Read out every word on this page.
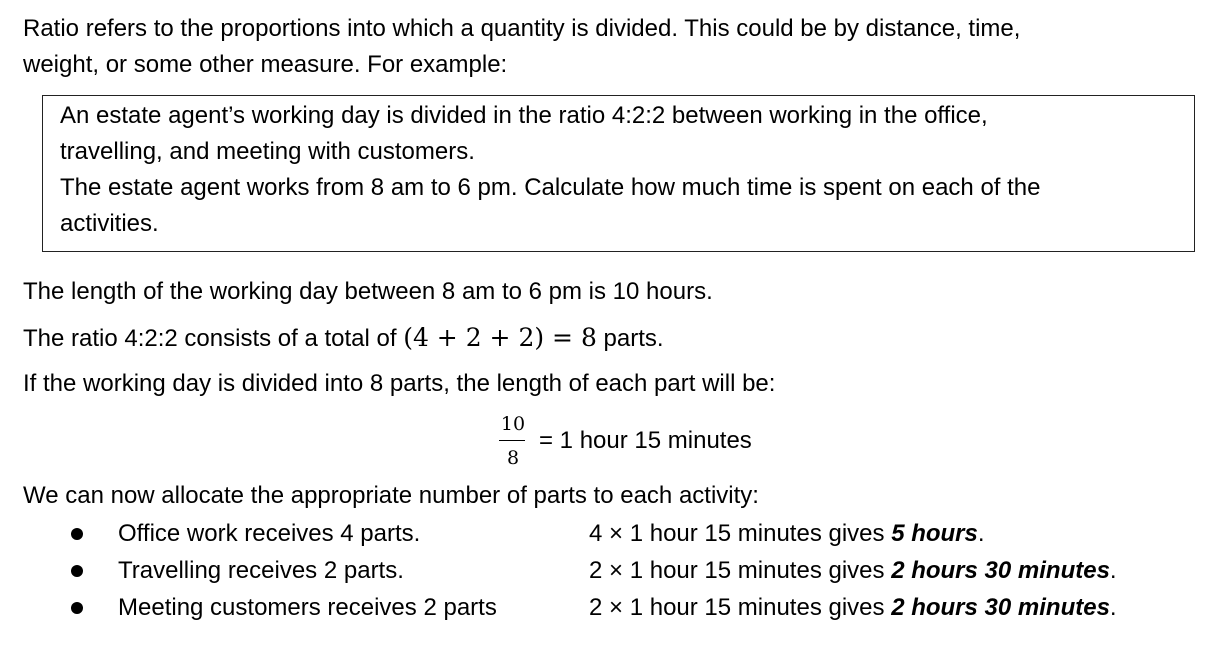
Ratio refers to the proportions into which a quantity is divided. This could be by distance, time,
weight, or some other measure. For example:
An estate agent’s working day is divided in the ratio 4:2:2 between working in the office,
travelling, and meeting with customers.
The estate agent works from 8 am to 6 pm. Calculate how much time is spent on each of the
activities.
The length of the working day between 8 am to 6 pm is 10 hours.
The ratio 4:2:2 consists of a total of (4 + 2 + 2) = 8 parts.
If the working day is divided into 8 parts, the length of each part will be:
10
8
= 1 hour 15 minutes
We can now allocate the appropriate number of parts to each activity:
Office work receives 4 parts.	4 × 1 hour 15 minutes gives 5 hours.
Travelling receives 2 parts.	2 × 1 hour 15 minutes gives 2 hours 30 minutes.
Meeting customers receives 2 parts	2 × 1 hour 15 minutes gives 2 hours 30 minutes.
